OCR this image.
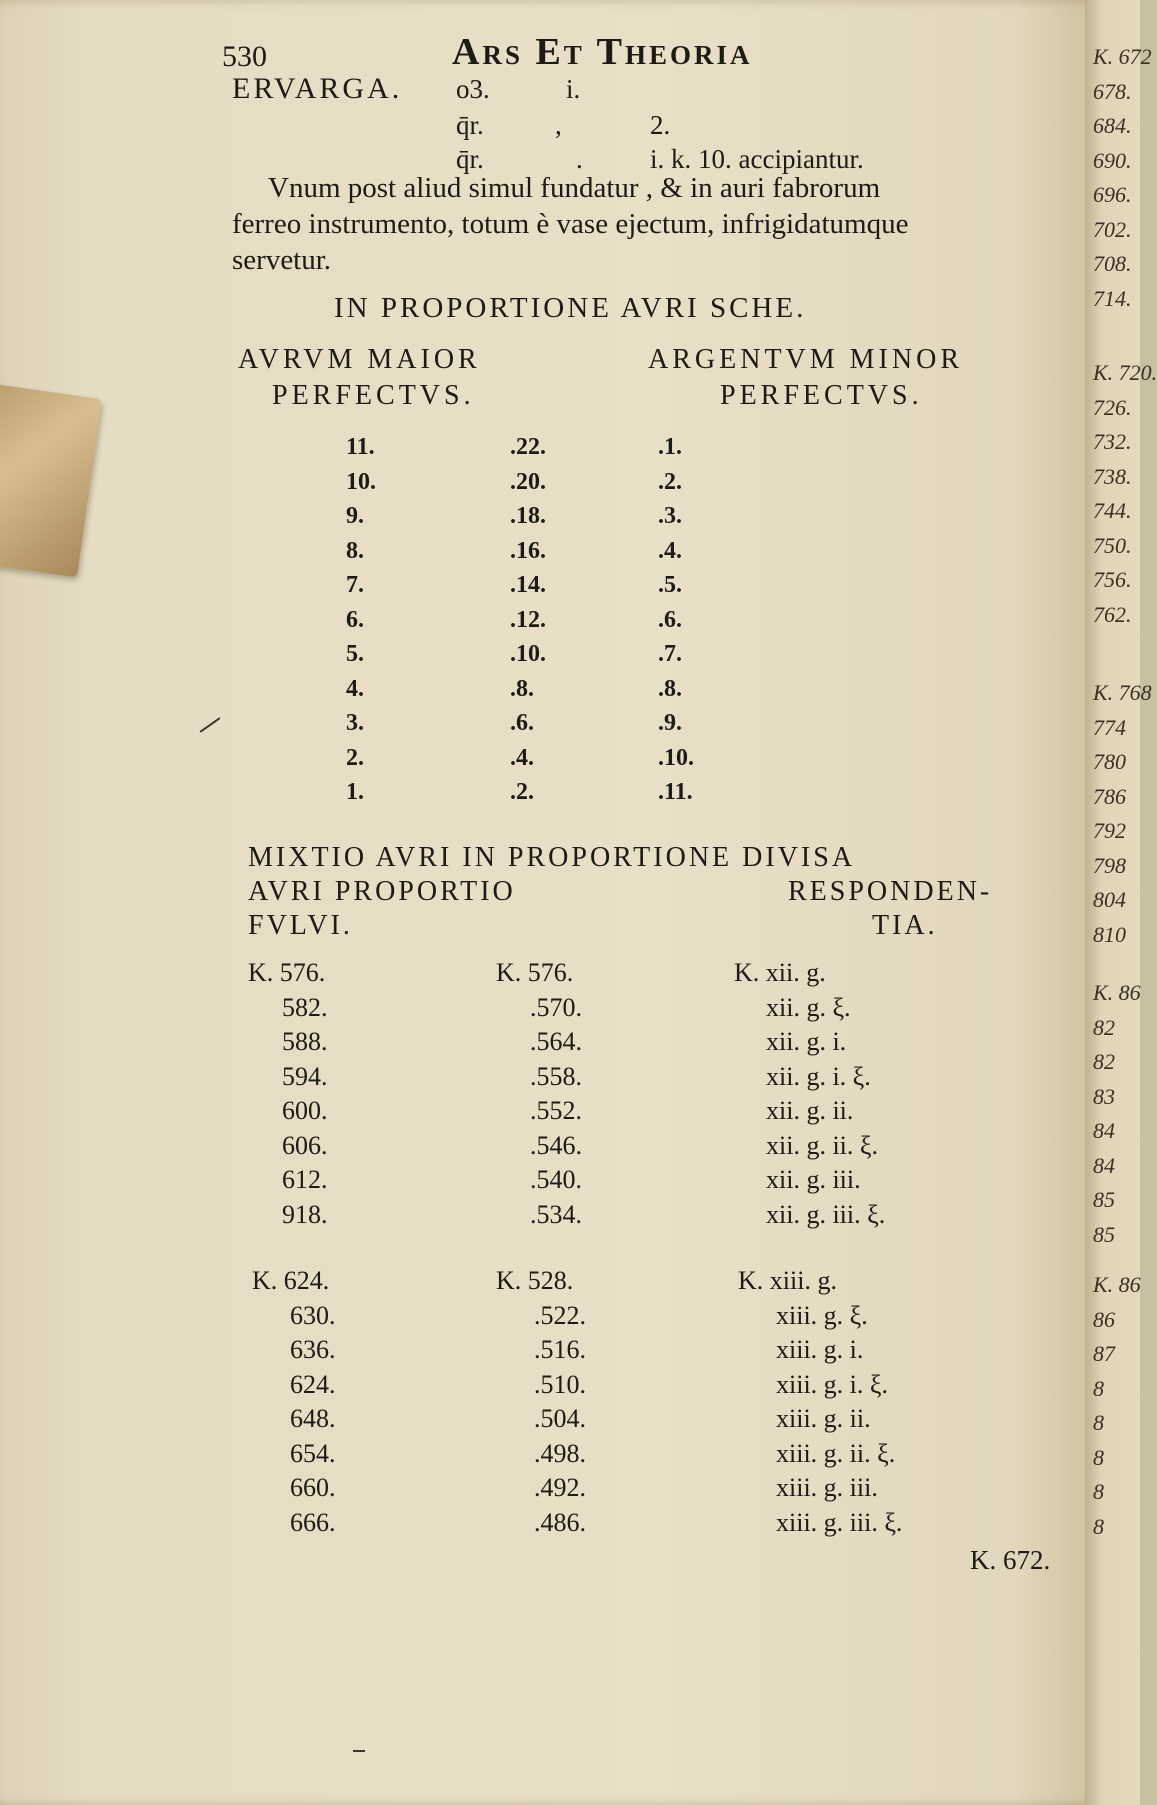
K. 672
678.
684.
690.
696.
702.
708.
714.
K. 720.
726.
732.
738.
744.
750.
756.
762.
K. 768
774
780
786
792
798
804
810
K. 86
82
82
83
84
84
85
85
K. 86
86
87
8
8
8
8
8
530	Ars Et Theoria
ERVARGA. o3.	i.
q̄r.	,	2.
q̄r.	. i. k. 10. accipiantur.
Vnum post aliud simul fundatur , & in auri fabrorum
ferreo instrumento, totum è vase ejectum, infrigidatumque
servetur.
IN PROPORTIONE AVRI SCHE.
AVRVM MAIOR
PERFECTVS.
ARGENTVM MINOR
PERFECTVS.
11.	.22.	.1.
10.	.20.	.2.
9.	.18.	.3.
8.	.16.	.4.
7.	.14.	.5.
6.	.12.	.6.
5.	.10.	.7.
4.	.8.	.8.
3.	.6.	.9.
2.	.4.	.10.
1.	.2.	.11.
MIXTIO AVRI IN PROPORTIONE DIVISA
AVRI PROPORTIO
FVLVI.
RESPONDEN-
TIA.
K. 576.	K. 576.	K. xii. g.
582.	.570.	xii. g. ξ.
588.	.564.	xii. g. i.
594.	.558.	xii. g. i. ξ.
600.	.552.	xii. g. ii.
606.	.546.	xii. g. ii. ξ.
612.	.540.	xii. g. iii.
918.	.534.	xii. g. iii. ξ.
K. 624.	K. 528.	K. xiii. g.
630.	.522.	xiii. g. ξ.
636.	.516.	xiii. g. i.
624.	.510.	xiii. g. i. ξ.
648.	.504.	xiii. g. ii.
654.	.498.	xiii. g. ii. ξ.
660.	.492.	xiii. g. iii.
666.	.486.	xiii. g. iii. ξ.
K. 672.
